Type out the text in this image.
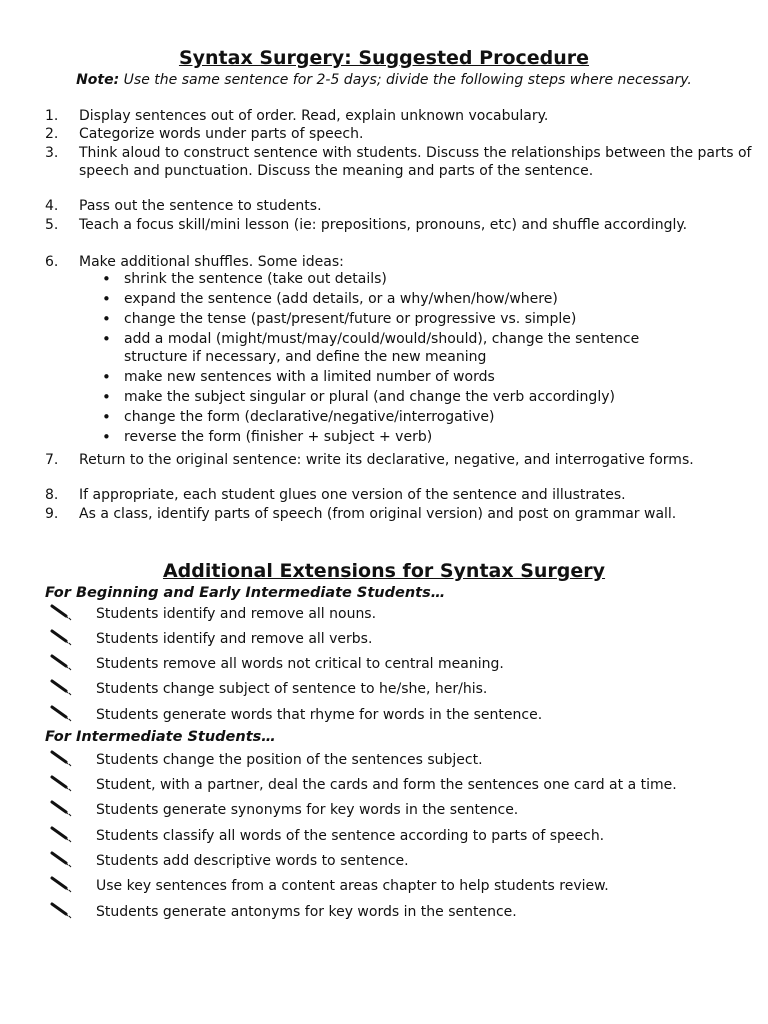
Syntax Surgery: Suggested Procedure
Note: Use the same sentence for 2-5 days; divide the following steps where necessary.
1. Display sentences out of order. Read, explain unknown vocabulary.
2. Categorize words under parts of speech.
3. Think aloud to construct sentence with students. Discuss the relationships between the parts of speech and punctuation. Discuss the meaning and parts of the sentence.
4. Pass out the sentence to students.
5. Teach a focus skill/mini lesson (ie: prepositions, pronouns, etc) and shuffle accordingly.
6. Make additional shuffles. Some ideas:
• shrink the sentence (take out details)
• expand the sentence (add details, or a why/when/how/where)
• change the tense (past/present/future or progressive vs. simple)
• add a modal (might/must/may/could/would/should), change the sentence structure if necessary, and define the new meaning
• make new sentences with a limited number of words
• make the subject singular or plural (and change the verb accordingly)
• change the form (declarative/negative/interrogative)
• reverse the form (finisher + subject + verb)
7. Return to the original sentence: write its declarative, negative, and interrogative forms.
8. If appropriate, each student glues one version of the sentence and illustrates.
9. As a class, identify parts of speech (from original version) and post on grammar wall.
Additional Extensions for Syntax Surgery
For Beginning and Early Intermediate Students…
Students identify and remove all nouns.
Students identify and remove all verbs.
Students remove all words not critical to central meaning.
Students change subject of sentence to he/she, her/his.
Students generate words that rhyme for words in the sentence.
For Intermediate Students…
Students change the position of the sentences subject.
Student, with a partner, deal the cards and form the sentences one card at a time.
Students generate synonyms for key words in the sentence.
Students classify all words of the sentence according to parts of speech.
Students add descriptive words to sentence.
Use key sentences from a content areas chapter to help students review.
Students generate antonyms for key words in the sentence.
